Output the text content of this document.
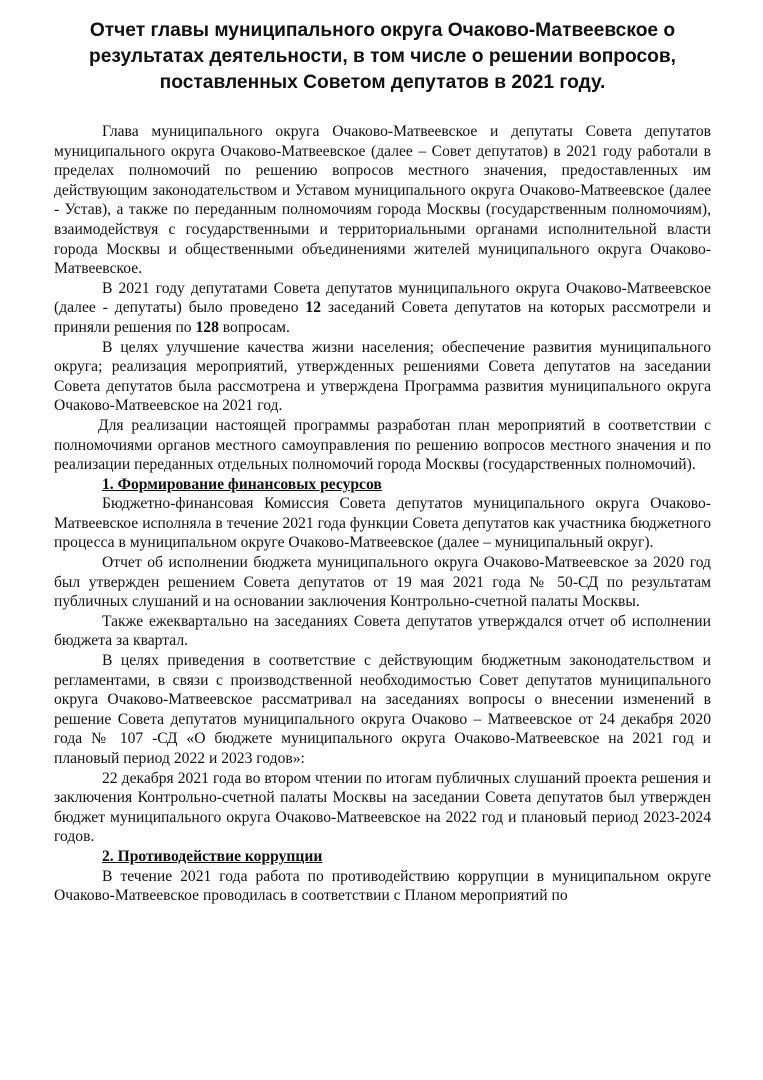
Отчет главы муниципального округа Очаково-Матвеевское о результатах деятельности, в том числе о решении вопросов, поставленных Советом депутатов в 2021 году.

Глава муниципального округа Очаково-Матвеевское и депутаты Совета депутатов муниципального округа Очаково-Матвеевское (далее – Совет депутатов) в 2021 году работали в пределах полномочий по решению вопросов местного значения, предоставленных им действующим законодательством и Уставом муниципального округа Очаково-Матвеевское (далее - Устав), а также по переданным полномочиям города Москвы (государственным полномочиям), взаимодействуя с государственными и территориальными органами исполнительной власти города Москвы и общественными объединениями жителей муниципального округа Очаково-Матвеевское.

В 2021 году депутатами Совета депутатов муниципального округа Очаково-Матвеевское (далее - депутаты) было проведено 12 заседаний Совета депутатов на которых рассмотрели и приняли решения по 128 вопросам.

В целях улучшение качества жизни населения; обеспечение развития муниципального округа; реализация мероприятий, утвержденных решениями Совета депутатов на заседании Совета депутатов была рассмотрена и утверждена Программа развития муниципального округа Очаково-Матвеевское на 2021 год.

Для реализации настоящей программы разработан план мероприятий в соответствии с полномочиями органов местного самоуправления по решению вопросов местного значения и по реализации переданных отдельных полномочий города Москвы (государственных полномочий).

1. Формирование финансовых ресурсов

Бюджетно-финансовая Комиссия Совета депутатов муниципального округа Очаково-Матвеевское исполняла в течение 2021 года функции Совета депутатов как участника бюджетного процесса в муниципальном округе Очаково-Матвеевское (далее – муниципальный округ).

Отчет об исполнении бюджета муниципального округа Очаково-Матвеевское за 2020 год был утвержден решением Совета депутатов от 19 мая 2021 года № 50-СД по результатам публичных слушаний и на основании заключения Контрольно-счетной палаты Москвы.

Также ежеквартально на заседаниях Совета депутатов утверждался отчет об исполнении бюджета за квартал.

В целях приведения в соответствие с действующим бюджетным законодательством и регламентами, в связи с производственной необходимостью Совет депутатов муниципального округа Очаково-Матвеевское рассматривал на заседаниях вопросы о внесении изменений в решение Совета депутатов муниципального округа Очаково – Матвеевское от 24 декабря 2020 года № 107 -СД «О бюджете муниципального округа Очаково-Матвеевское на 2021 год и плановый период 2022 и 2023 годов»:

22 декабря 2021 года во втором чтении по итогам публичных слушаний проекта решения и заключения Контрольно-счетной палаты Москвы на заседании Совета депутатов был утвержден бюджет муниципального округа Очаково-Матвеевское на 2022 год и плановый период 2023-2024 годов.

2. Противодействие коррупции

В течение 2021 года работа по противодействию коррупции в муниципальном округе Очаково-Матвеевское проводилась в соответствии с Планом мероприятий по
